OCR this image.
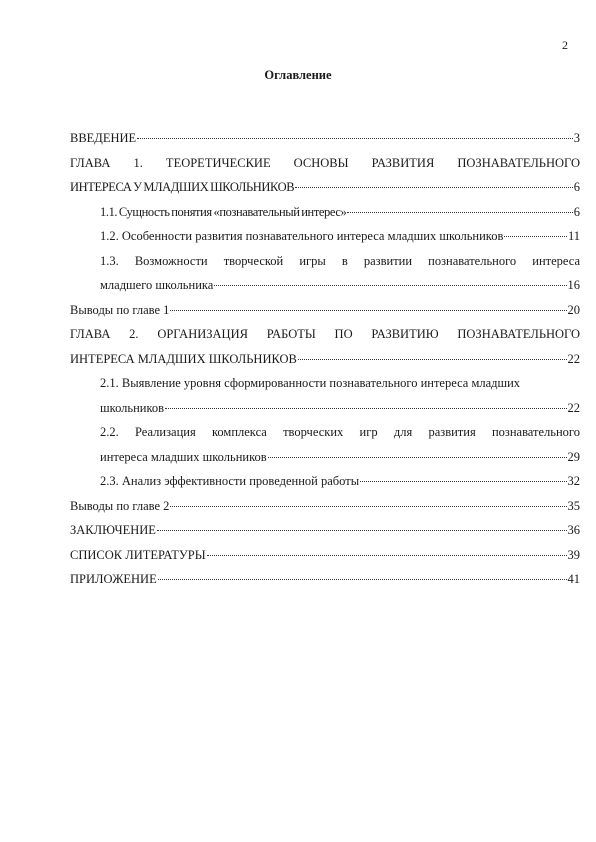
2
Оглавление
ВВЕДЕНИЕ	3
ГЛАВА 1. ТЕОРЕТИЧЕСКИЕ ОСНОВЫ РАЗВИТИЯ ПОЗНАВАТЕЛЬНОГО
ИНТЕРЕСА У МЛАДШИХ ШКОЛЬНИКОВ	6
1.1. Сущность понятия «познавательный интерес»	6
1.2. Особенности развития познавательного интереса младших школьников	11
1.3. Возможности творческой игры в развитии познавательного интереса
младшего школьника	16
Выводы по главе 1	20
ГЛАВА 2. ОРГАНИЗАЦИЯ РАБОТЫ ПО РАЗВИТИЮ ПОЗНАВАТЕЛЬНОГО
ИНТЕРЕСА МЛАДШИХ ШКОЛЬНИКОВ	22
2.1. Выявление уровня сформированности познавательного интереса младших
школьников	22
2.2. Реализация комплекса творческих игр для развития познавательного
интереса младших школьников	29
2.3. Анализ эффективности проведенной работы	32
Выводы по главе 2	35
ЗАКЛЮЧЕНИЕ	36
СПИСОК ЛИТЕРАТУРЫ	39
ПРИЛОЖЕНИЕ	41
